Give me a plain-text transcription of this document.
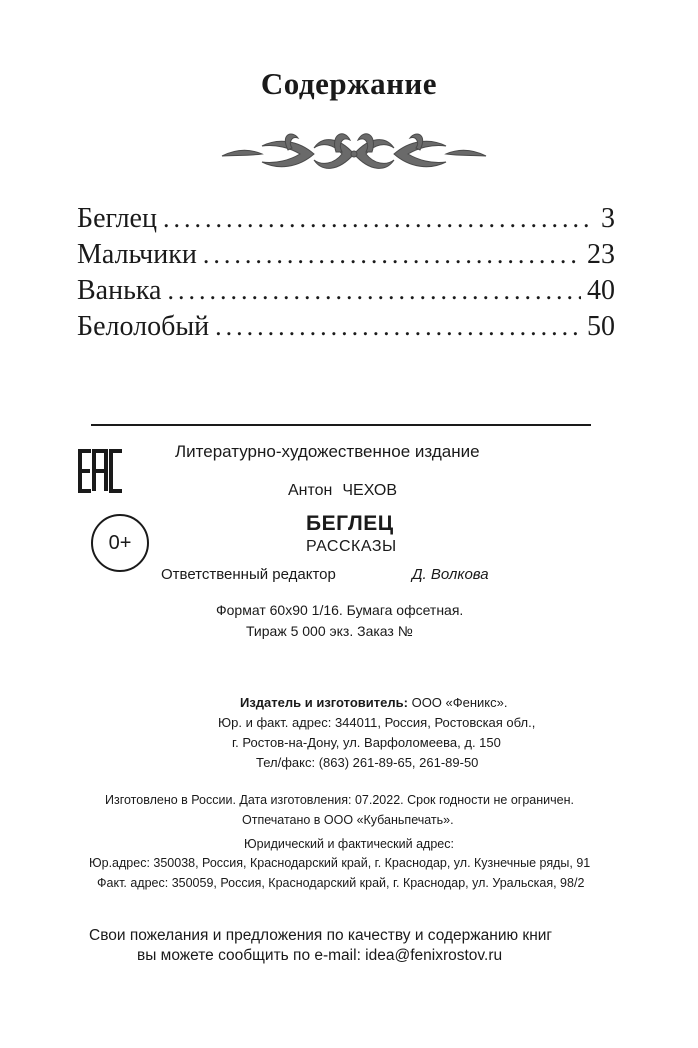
Содержание
Беглец .....	3
Мальчики .....	23
Ванька .....	40
Белолобый .....	50
0+
Литературно-художественное издание
Антон ЧЕХОВ
БЕГЛЕЦ
РАССКАЗЫ
Ответственный редактор	Д. Волкова
Формат 60x90 1/16. Бумага офсетная.
Тираж 5 000 экз. Заказ №
Издатель и изготовитель: ООО «Феникс».
Юр. и факт. адрес: 344011, Россия, Ростовская обл.,
г. Ростов-на-Дону, ул. Варфоломеева, д. 150
Тел/факс: (863) 261-89-65, 261-89-50
Изготовлено в России. Дата изготовления: 07.2022. Срок годности не ограничен.
Отпечатано в ООО «Кубаньпечать».
Юридический и фактический адрес:
Юр.адрес: 350038, Россия, Краснодарский край, г. Краснодар, ул. Кузнечные ряды, 91
Факт. адрес: 350059, Россия, Краснодарский край, г. Краснодар, ул. Уральская, 98/2
Свои пожелания и предложения по качеству и содержанию книг
вы можете сообщить по e-mail: idea@fenixrostov.ru
